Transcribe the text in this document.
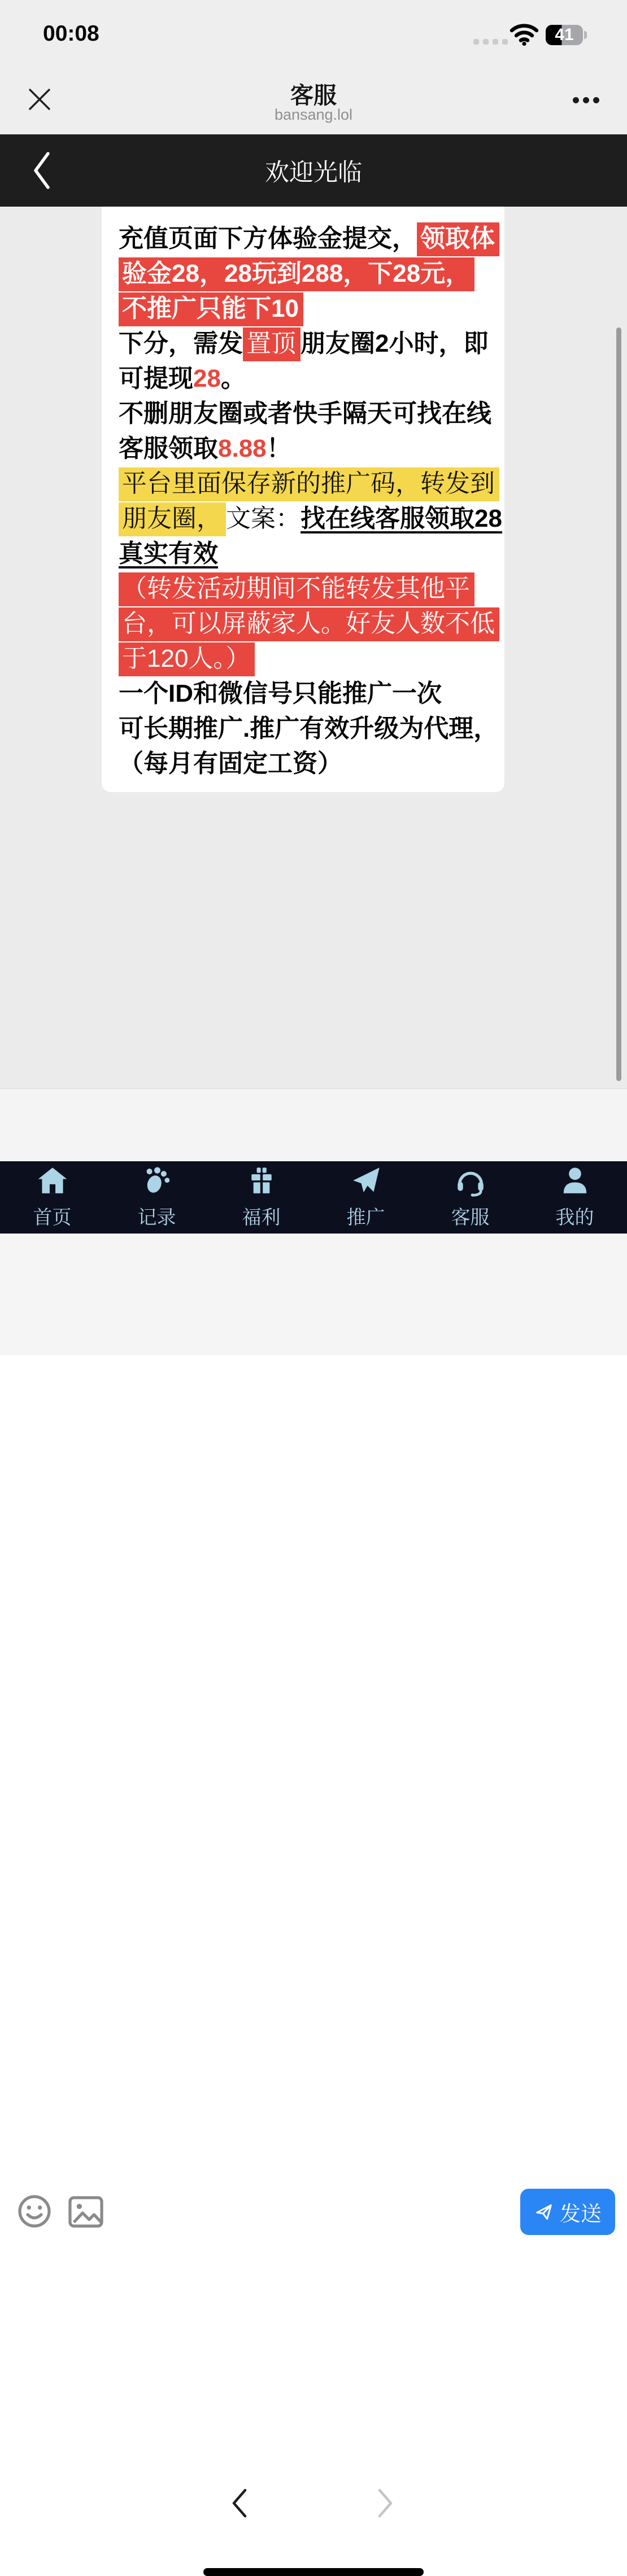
00:08	41
客服
bansang.lol
欢迎光临
充值页面下方体验金提交， 领取体
验金28，28玩到288，下28元，
不推广只能下10
下分，需发 置顶 朋友圈2小时，即
可提现28。
不删朋友圈或者快手隔天可找在线
客服领取8.88！
平台里面保存新的推广码，转发到
朋友圈， 文案：找在线客服领取28
真实有效
（转发活动期间不能转发其他平
台，可以屏蔽家人。好友人数不低
于120人。）
一个ID和微信号只能推广一次
可长期推广.推广有效升级为代理，
（每月有固定工资）
发送
首页	记录	福利	推广	客服	我的
